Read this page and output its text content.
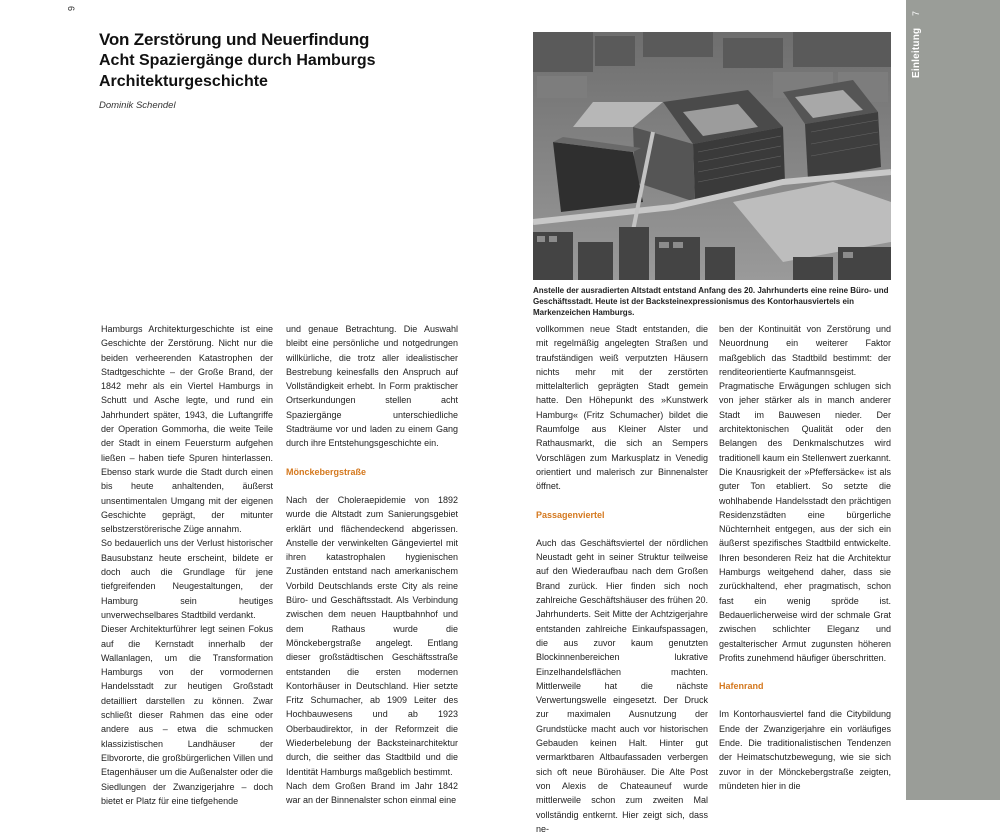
6
7
Einleitung
Von Zerstörung und Neuerfindung
Acht Spaziergänge durch Hamburgs Architekturgeschichte
Dominik Schendel
Anstelle der ausradierten Altstadt entstand Anfang des 20. Jahrhunderts eine reine Büro- und Geschäftsstadt. Heute ist der Backsteinexpressionismus des Kontorhausviertels ein Markenzeichen Hamburgs.

Hamburgs Architekturgeschichte ist eine Geschichte der Zerstörung. Nicht nur die beiden verheerenden Katastrophen der Stadtgeschichte – der Große Brand, der 1842 mehr als ein Viertel Hamburgs in Schutt und Asche legte, und rund ein Jahrhundert später, 1943, die Luftangriffe der Operation Gommorha, die weite Teile der Stadt in einem Feuersturm aufgehen ließen – haben tiefe Spuren hinterlassen. Ebenso stark wurde die Stadt durch einen bis heute anhaltenden, äußerst unsentimentalen Umgang mit der eigenen Geschichte geprägt, der mitunter selbstzerstörerische Züge annahm.

So bedauerlich uns der Verlust historischer Bausubstanz heute erscheint, bildete er doch auch die Grundlage für jene tiefgreifenden Neugestaltungen, der Hamburg sein heutiges unverwechselbares Stadtbild verdankt.

Dieser Architekturführer legt seinen Fokus auf die Kernstadt innerhalb der Wallanlagen, um die Transformation Hamburgs von der vormodernen Handelsstadt zur heutigen Großstadt detailliert darstellen zu können. Zwar schließt dieser Rahmen das eine oder andere aus – etwa die schmucken klassizistischen Landhäuser der Elbvororte, die großbürgerlichen Villen und Etagenhäuser um die Außenalster oder die Siedlungen der Zwanzigerjahre – doch bietet er Platz für eine tiefgehende

und genaue Betrachtung. Die Auswahl bleibt eine persönliche und notgedrungen willkürliche, die trotz aller idealistischer Bestrebung keinesfalls den Anspruch auf Vollständigkeit erhebt. In Form praktischer Ortserkundungen stellen acht Spaziergänge unterschiedliche Stadträume vor und laden zu einem Gang durch ihre Entstehungsgeschichte ein.

Mönckebergstraße

Nach der Choleraepidemie von 1892 wurde die Altstadt zum Sanierungsgebiet erklärt und flächendeckend abgerissen. Anstelle der verwinkelten Gängeviertel mit ihren katastrophalen hygienischen Zuständen entstand nach amerkanischem Vorbild Deutschlands erste City als reine Büro- und Geschäftsstadt. Als Verbindung zwischen dem neuen Hauptbahnhof und dem Rathaus wurde die Mönckebergstraße angelegt. Entlang dieser großstädtischen Geschäftsstraße entstanden die ersten modernen Kontorhäuser in Deutschland. Hier setzte Fritz Schumacher, ab 1909 Leiter des Hochbauwesens und ab 1923 Oberbaudirektor, in der Reformzeit die Wiederbelebung der Backsteinarchitektur durch, die seither das Stadtbild und die Identität Hamburgs maßgeblich bestimmt.

Nach dem Großen Brand im Jahr 1842 war an der Binnenalster schon einmal eine

vollkommen neue Stadt entstanden, die mit regelmäßig angelegten Straßen und traufständigen weiß verputzten Häusern nichts mehr mit der zerstörten mittelalterlich geprägten Stadt gemein hatte. Den Höhepunkt des »Kunstwerk Hamburg« (Fritz Schumacher) bildet die Raumfolge aus Kleiner Alster und Rathausmarkt, die sich an Sempers Vorschlägen zum Markusplatz in Venedig orientiert und malerisch zur Binnenalster öffnet.

Passagenviertel

Auch das Geschäftsviertel der nördlichen Neustadt geht in seiner Struktur teilweise auf den Wiederaufbau nach dem Großen Brand zurück. Hier finden sich noch zahlreiche Geschäftshäuser des frühen 20. Jahrhunderts. Seit Mitte der Achtzigerjahre entstanden zahlreiche Einkaufspassagen, die aus zuvor kaum genutzten Blockinnenbereichen lukrative Einzelhandelsflächen machten. Mittlerweile hat die nächste Verwertungswelle eingesetzt. Der Druck zur maximalen Ausnutzung der Grundstücke macht auch vor historischen Gebauden keinen Halt. Hinter gut vermarktbaren Altbaufassaden verbergen sich oft neue Bürohäuser. Die Alte Post von Alexis de Chateauneuf wurde mittlerweile schon zum zweiten Mal vollständig entkernt. Hier zeigt sich, dass ne-

ben der Kontinuität von Zerstörung und Neuordnung ein weiterer Faktor maßgeblich das Stadtbild bestimmt: der renditeorientierte Kaufmannsgeist.

Pragmatische Erwägungen schlugen sich von jeher stärker als in manch anderer Stadt im Bauwesen nieder. Der architektonischen Qualität oder den Belangen des Denkmalschutzes wird traditionell kaum ein Stellenwert zuerkannt. Die Knausrigkeit der »Pfeffersäcke« ist als guter Ton etabliert. So setzte die wohlhabende Handelsstadt den prächtigen Residenzstädten eine bürgerliche Nüchternheit entgegen, aus der sich ein äußerst spezifisches Stadtbild entwickelte. Ihren besonderen Reiz hat die Architektur Hamburgs weitgehend daher, dass sie zurückhaltend, eher pragmatisch, schon fast ein wenig spröde ist. Bedauerlicherweise wird der schmale Grat zwischen schlichter Eleganz und gestalterischer Armut zugunsten höheren Profits zunehmend häufiger überschritten.

Hafenrand

Im Kontorhausviertel fand die Citybildung Ende der Zwanzigerjahre ein vorläufiges Ende. Die traditionalistischen Tendenzen der Heimatschutzbewegung, wie sie sich zuvor in der Mönckebergstraße zeigten, mündeten hier in die
